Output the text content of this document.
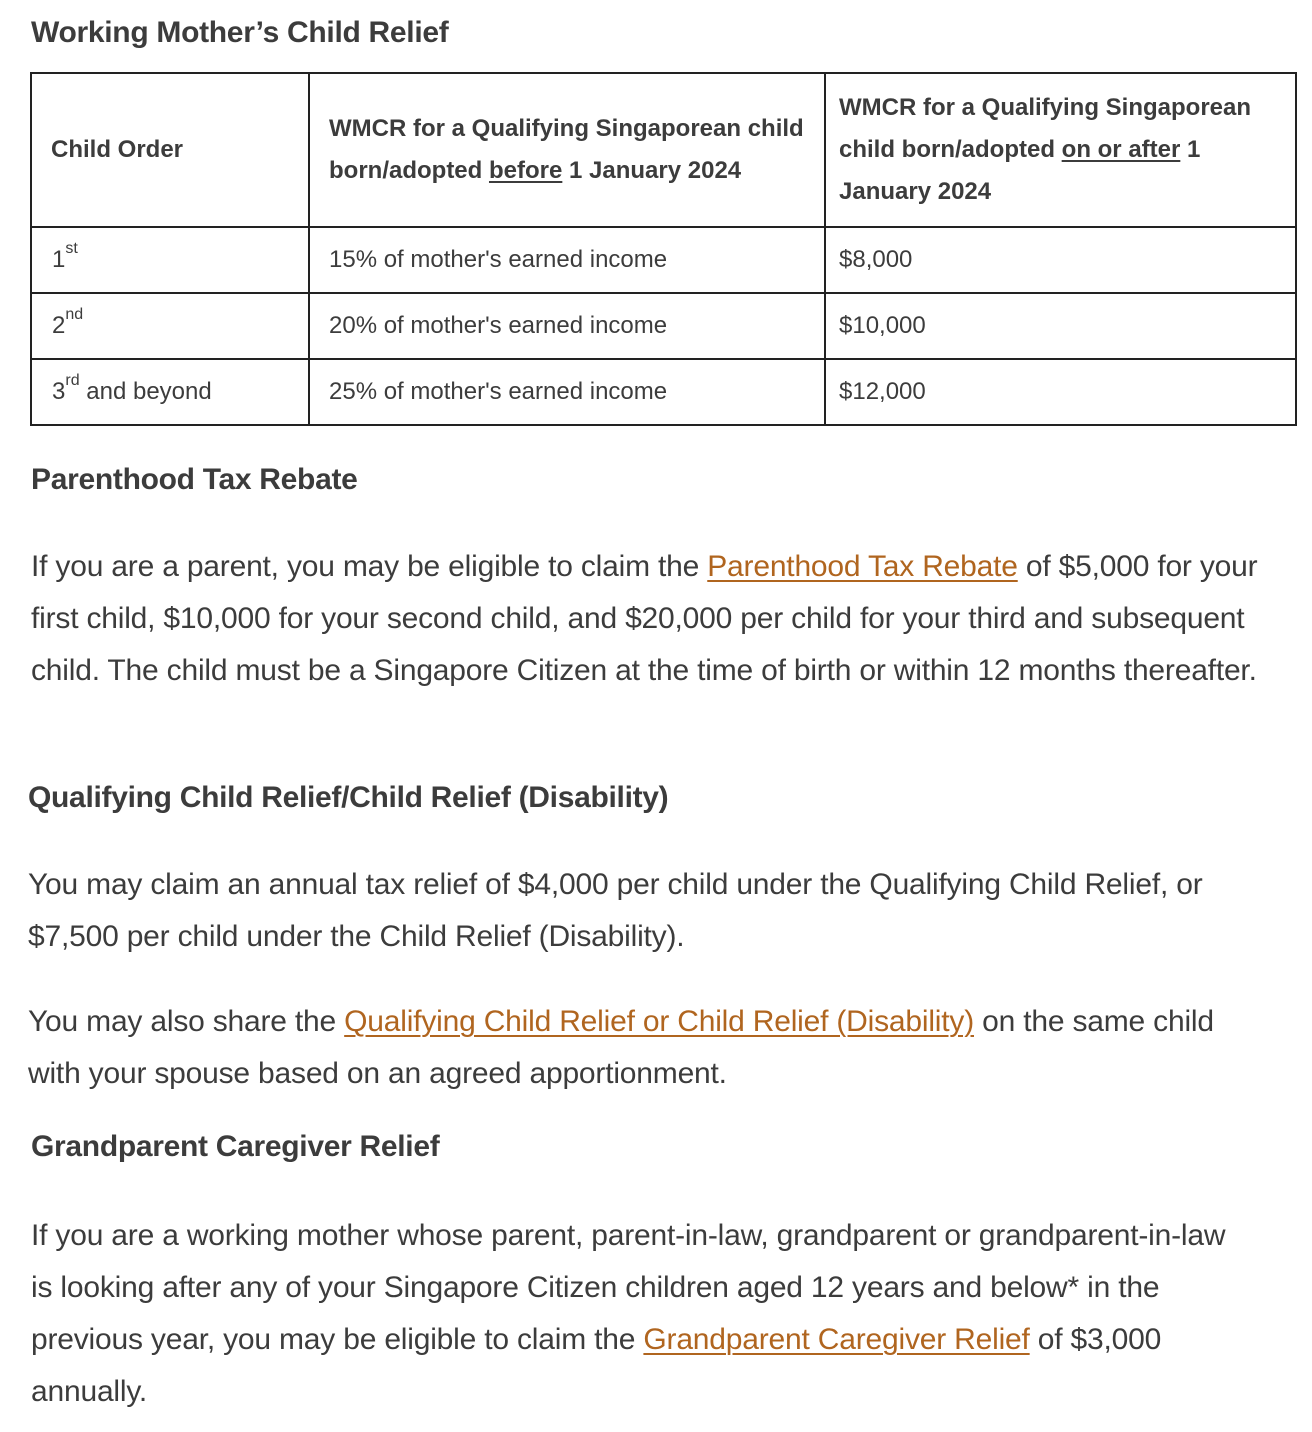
Working Mother’s Child Relief
Child Order	WMCR for a Qualifying Singaporean child born/adopted before 1 January 2024	WMCR for a Qualifying Singaporean child born/adopted on or after 1 January 2024
1st	15% of mother's earned income	$8,000
2nd	20% of mother's earned income	$10,000
3rd and beyond	25% of mother's earned income	$12,000
Parenthood Tax Rebate

If you are a parent, you may be eligible to claim the Parenthood Tax Rebate of $5,000 for your first child, $10,000 for your second child, and $20,000 per child for your third and subsequent child. The child must be a Singapore Citizen at the time of birth or within 12 months thereafter.

Qualifying Child Relief/Child Relief (Disability)

You may claim an annual tax relief of $4,000 per child under the Qualifying Child Relief, or $7,500 per child under the Child Relief (Disability).

You may also share the Qualifying Child Relief or Child Relief (Disability) on the same child with your spouse based on an agreed apportionment.

Grandparent Caregiver Relief

If you are a working mother whose parent, parent-in-law, grandparent or grandparent-in-law is looking after any of your Singapore Citizen children aged 12 years and below* in the previous year, you may be eligible to claim the Grandparent Caregiver Relief of $3,000 annually.
